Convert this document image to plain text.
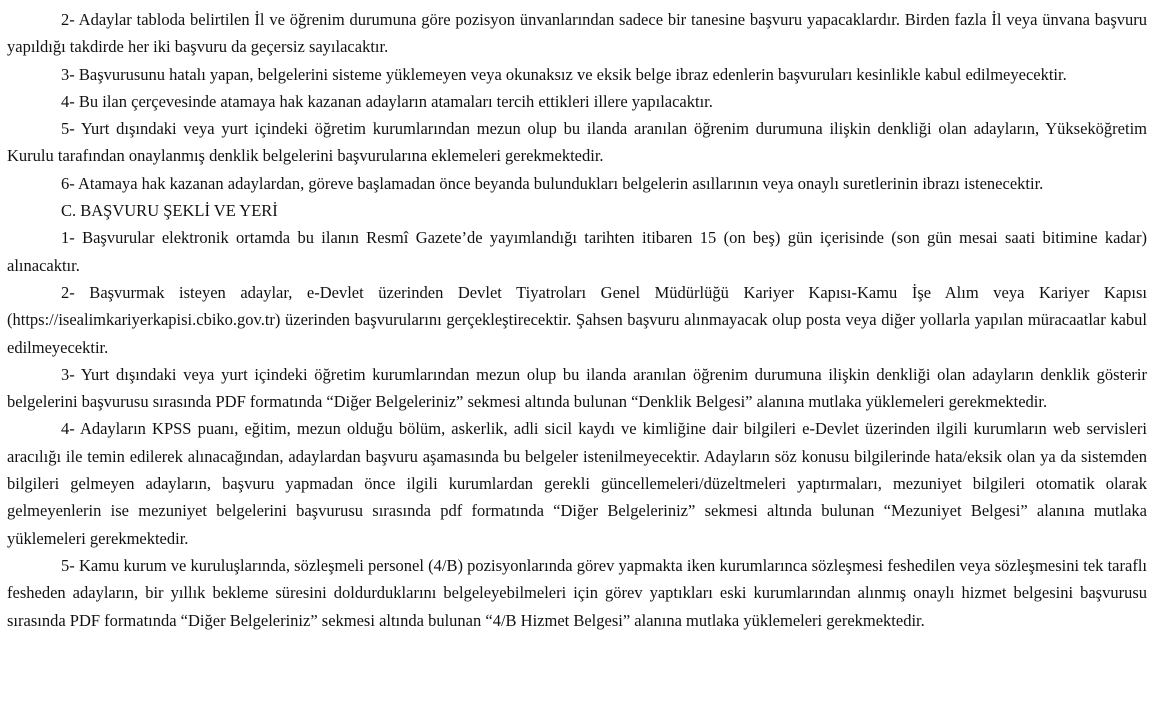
2- Adaylar tabloda belirtilen İl ve öğrenim durumuna göre pozisyon ünvanlarından sadece bir tanesine başvuru yapacaklardır. Birden fazla İl veya ünvana başvuru yapıldığı takdirde her iki başvuru da geçersiz sayılacaktır.

3- Başvurusunu hatalı yapan, belgelerini sisteme yüklemeyen veya okunaksız ve eksik belge ibraz edenlerin başvuruları kesinlikle kabul edilmeyecektir.

4- Bu ilan çerçevesinde atamaya hak kazanan adayların atamaları tercih ettikleri illere yapılacaktır.

5- Yurt dışındaki veya yurt içindeki öğretim kurumlarından mezun olup bu ilanda aranılan öğrenim durumuna ilişkin denkliği olan adayların, Yükseköğretim Kurulu tarafından onaylanmış denklik belgelerini başvurularına eklemeleri gerekmektedir.

6- Atamaya hak kazanan adaylardan, göreve başlamadan önce beyanda bulundukları belgelerin asıllarının veya onaylı suretlerinin ibrazı istenecektir.

C. BAŞVURU ŞEKLİ VE YERİ

1- Başvurular elektronik ortamda bu ilanın Resmî Gazete’de yayımlandığı tarihten itibaren 15 (on beş) gün içerisinde (son gün mesai saati bitimine kadar) alınacaktır.

2- Başvurmak isteyen adaylar, e-Devlet üzerinden Devlet Tiyatroları Genel Müdürlüğü Kariyer Kapısı-Kamu İşe Alım veya Kariyer Kapısı (https://isealimkariyerkapisi.cbiko.gov.tr) üzerinden başvurularını gerçekleştirecektir. Şahsen başvuru alınmayacak olup posta veya diğer yollarla yapılan müracaatlar kabul edilmeyecektir.

3- Yurt dışındaki veya yurt içindeki öğretim kurumlarından mezun olup bu ilanda aranılan öğrenim durumuna ilişkin denkliği olan adayların denklik gösterir belgelerini başvurusu sırasında PDF formatında “Diğer Belgeleriniz” sekmesi altında bulunan “Denklik Belgesi” alanına mutlaka yüklemeleri gerekmektedir.

4- Adayların KPSS puanı, eğitim, mezun olduğu bölüm, askerlik, adli sicil kaydı ve kimliğine dair bilgileri e-Devlet üzerinden ilgili kurumların web servisleri aracılığı ile temin edilerek alınacağından, adaylardan başvuru aşamasında bu belgeler istenilmeyecektir. Adayların söz konusu bilgilerinde hata/eksik olan ya da sistemden bilgileri gelmeyen adayların, başvuru yapmadan önce ilgili kurumlardan gerekli güncellemeleri/düzeltmeleri yaptırmaları, mezuniyet bilgileri otomatik olarak gelmeyenlerin ise mezuniyet belgelerini başvurusu sırasında pdf formatında “Diğer Belgeleriniz” sekmesi altında bulunan “Mezuniyet Belgesi” alanına mutlaka yüklemeleri gerekmektedir.

5- Kamu kurum ve kuruluşlarında, sözleşmeli personel (4/B) pozisyonlarında görev yapmakta iken kurumlarınca sözleşmesi feshedilen veya sözleşmesini tek taraflı fesheden adayların, bir yıllık bekleme süresini doldurduklarını belgeleyebilmeleri için görev yaptıkları eski kurumlarından alınmış onaylı hizmet belgesini başvurusu sırasında PDF formatında “Diğer Belgeleriniz” sekmesi altında bulunan “4/B Hizmet Belgesi” alanına mutlaka yüklemeleri gerekmektedir.
